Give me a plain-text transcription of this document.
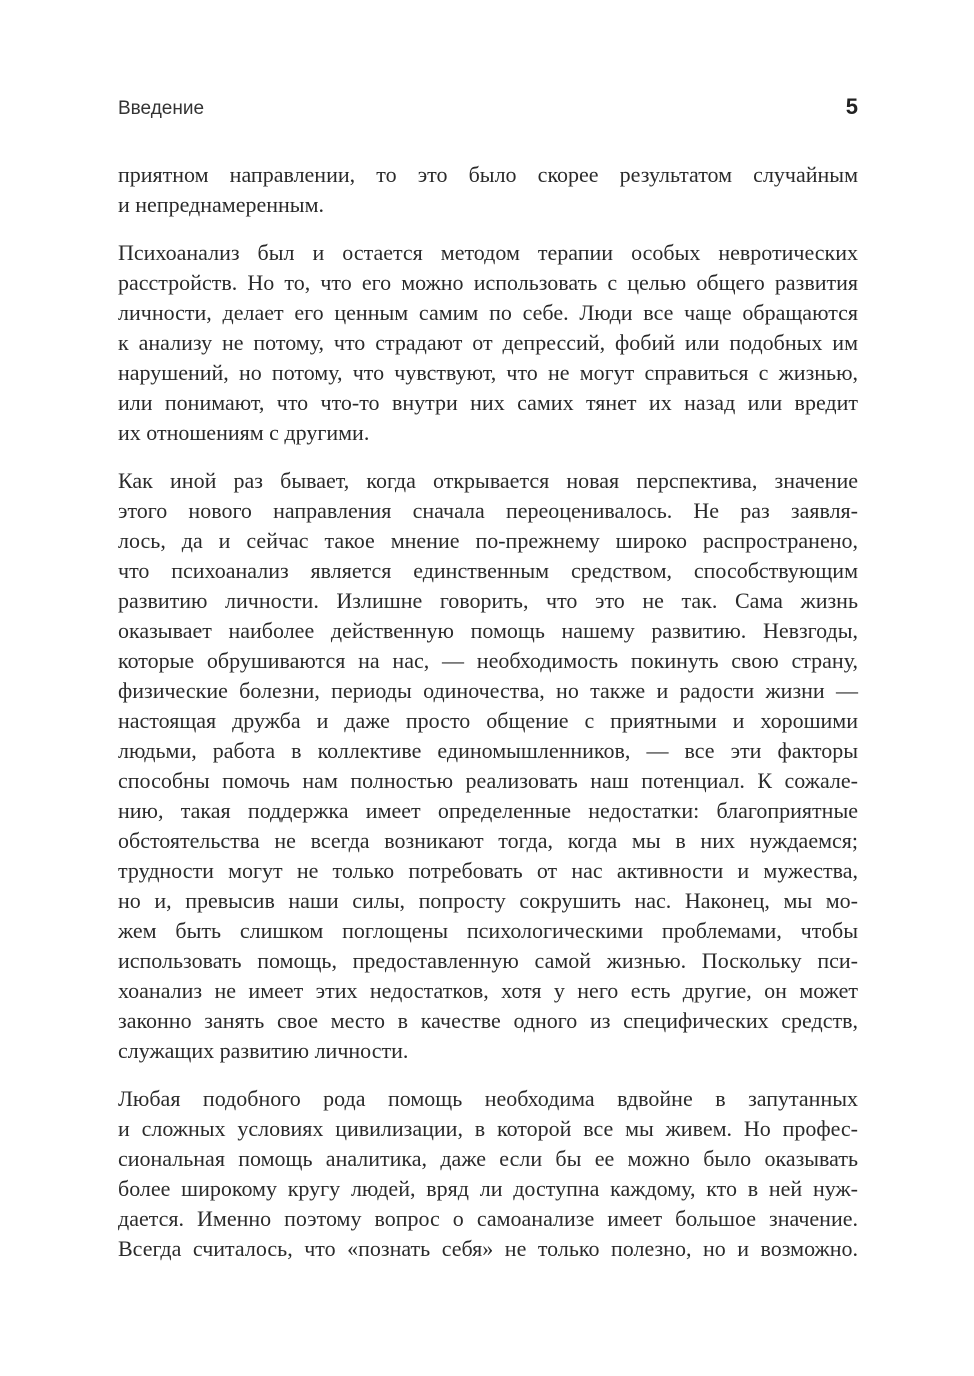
Введение	5
приятном направлении, то это было скорее результатом случайным
и непреднамеренным.
Психоанализ был и остается методом терапии особых невротических
расстройств. Но то, что его можно использовать с целью общего развития
личности, делает его ценным самим по себе. Люди все чаще обращаются
к анализу не потому, что страдают от депрессий, фобий или подобных им
нарушений, но потому, что чувствуют, что не могут справиться с жизнью,
или понимают, что что-то внутри них самих тянет их назад или вредит
их отношениям с другими.
Как иной раз бывает, когда открывается новая перспектива, значение
этого нового направления сначала переоценивалось. Не раз заявля-
лось, да и сейчас такое мнение по-прежнему широко распространено,
что психоанализ является единственным средством, способствующим
развитию личности. Излишне говорить, что это не так. Сама жизнь
оказывает наиболее действенную помощь нашему развитию. Невзгоды,
которые обрушиваются на нас, — необходимость покинуть свою страну,
физические болезни, периоды одиночества, но также и радости жизни —
настоящая дружба и даже просто общение с приятными и хорошими
людьми, работа в коллективе единомышленников, — все эти факторы
способны помочь нам полностью реализовать наш потенциал. К сожале-
нию, такая поддержка имеет определенные недостатки: благоприятные
обстоятельства не всегда возникают тогда, когда мы в них нуждаемся;
трудности могут не только потребовать от нас активности и мужества,
но и, превысив наши силы, попросту сокрушить нас. Наконец, мы мо-
жем быть слишком поглощены психологическими проблемами, чтобы
использовать помощь, предоставленную самой жизнью. Поскольку пси-
хоанализ не имеет этих недостатков, хотя у него есть другие, он может
законно занять свое место в качестве одного из специфических средств,
служащих развитию личности.
Любая подобного рода помощь необходима вдвойне в запутанных
и сложных условиях цивилизации, в которой все мы живем. Но профес-
сиональная помощь аналитика, даже если бы ее можно было оказывать
более широкому кругу людей, вряд ли доступна каждому, кто в ней нуж-
дается. Именно поэтому вопрос о самоанализе имеет большое значение.
Всегда считалось, что «познать себя» не только полезно, но и возможно.
